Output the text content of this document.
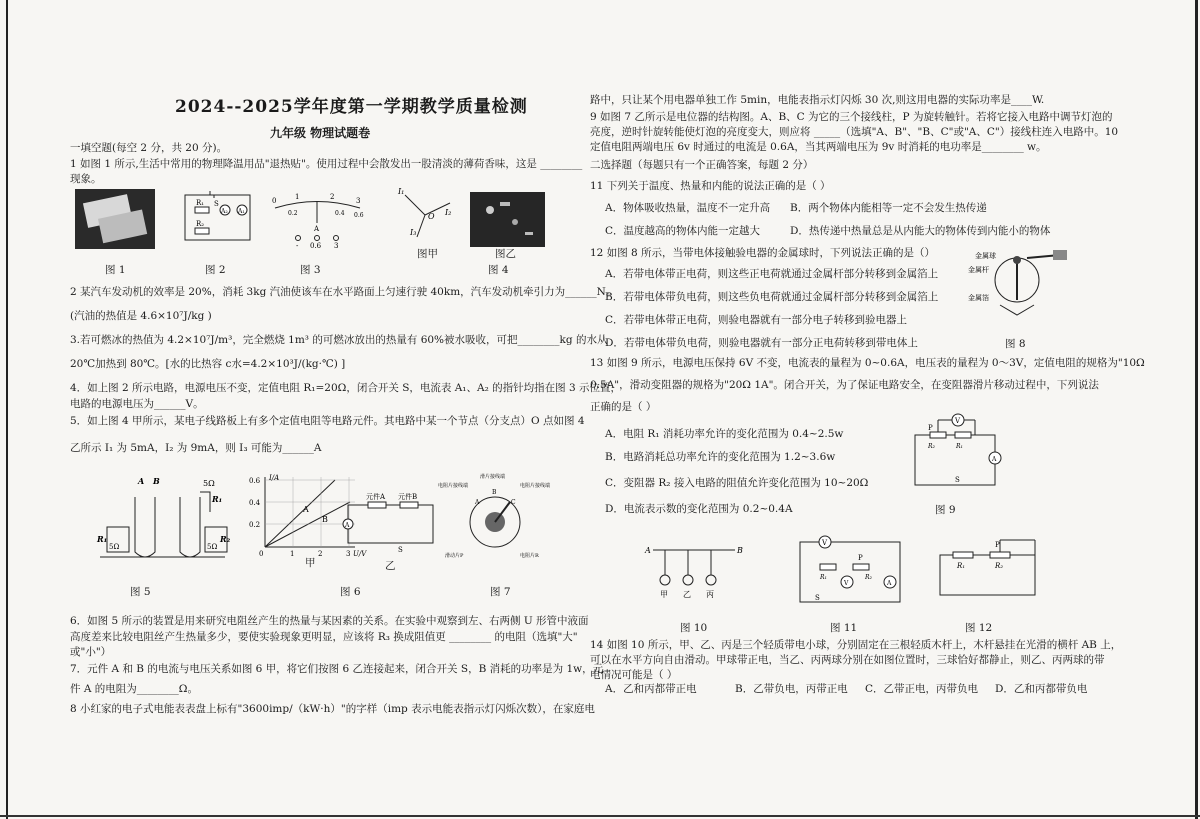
2024--2025学年度第一学期教学质量检测
九年级 物理试题卷
一填空题(每空 2 分，共 20 分)。
1 如图 1 所示,生活中常用的物理降温用品"退热贴"。使用过程中会散发出一股清淡的薄荷香味，这是 ________
现象。
S
R₁
R₂
A₂ A₁
0	1	2	3
0.2	0.4 0.6
A
- 0.6 3
I₁
I₂
I₃
O
图 1	图 2	图 3
图甲	图乙
图 4
2 某汽车发动机的效率是 20%，消耗 3kg 汽油使该车在水平路面上匀速行驶 40km，汽车发动机牵引力为______N。
(汽油的热值是 4.6×10⁷J/kg )
3.若可燃冰的热值为 4.2×10⁷J/m³，完全燃烧 1m³ 的可燃冰放出的热量有 60%被水吸收，可把________kg 的水从
20℃加热到 80℃。[水的比热容 c水=4.2×10³J/(kg·℃) ]
4．如上图 2 所示电路，电源电压不变，定值电阻 R₁=20Ω，闭合开关 S，电流表 A₁、A₂ 的指针均指在图 3 示位置，
电路的电源电压为______V。
5．如上图 4 甲所示，某电子线路板上有多个定值电阻等电路元件。其电路中某一个节点（分支点）O 点如图 4
乙所示 I₁ 为 5mA，I₂ 为 9mA，则 I₃ 可能为______A
A B	5Ω
R₁
R₁
5Ω	5Ω
R₂
I/A
0.6
0.4
0.2
A
B
0	1	2	3 U/V
元件A 元件B
A
S
电阻片接线端
滑片接线端
电阻片接线端
滑动片P	电阻片R
A
B
C
图 5
甲	乙
图 6	图 7
6．如图 5 所示的装置是用来研究电阻丝产生的热量与某因素的关系。在实验中观察到左、右两侧 U 形管中液面
高度差来比较电阻丝产生热量多少，要使实验现象更明显，应该将 R₃ 换成阻值更 ________ 的电阻（选填"大"
或"小"）
7．元件 A 和 B 的电流与电压关系如图 6 甲，将它们按图 6 乙连接起来，闭合开关 S，B 消耗的功率是为 1w，元
件 A 的电阻为________Ω。
8 小红家的电子式电能表表盘上标有"3600imp/（kW·h）"的字样（imp 表示电能表指示灯闪烁次数），在家庭电
路中，只让某个用电器单独工作 5min，电能表指示灯闪烁 30 次,则这用电器的实际功率是____W.
9 如图 7 乙所示是电位器的结构图。A、B、C 为它的三个接线柱，P 为旋转触针。若将它接入电路中调节灯泡的
亮度，逆时针旋转能使灯泡的亮度变大，则应将 _____（选填"A、B"、"B、C"或"A、C"）接线柱连入电路中。10
定值电阻两端电压 6v 时通过的电流是 0.6A，当其两端电压为 9v 时消耗的电功率是________ w。
二选择题（每题只有一个正确答案，每题 2 分）
11 下列关于温度、热量和内能的说法正确的是（ ）
A．物体吸收热量，温度不一定升高 B．两个物体内能相等一定不会发生热传递
C．温度越高的物体内能一定越大	D．热传递中热量总是从内能大的物体传到内能小的物体
12 如图 8 所示，当带电体接触验电器的金属球时，下列说法正确的是（）
A．若带电体带正电荷，则这些正电荷就通过金属杆部分转移到金属箔上
B．若带电体带负电荷，则这些负电荷就通过金属杆部分转移到金属箔上
C．若带电体带正电荷，则验电器就有一部分电子转移到验电器上
D．若带电体带负电荷，则验电器就有一部分正电荷转移到带电体上
金属球
金属杆
金属箔
图 8
13 如图 9 所示，电源电压保持 6V 不变，电流表的量程为 0~0.6A，电压表的量程为 0～3V，定值电阻的规格为"10Ω
0.5A"，滑动变阻器的规格为"20Ω 1A"。闭合开关，为了保证电路安全，在变阻器滑片移动过程中，下列说法
正确的是（ ）
A．电阻 R₁ 消耗功率允许的变化范围为 0.4~2.5w
B．电路消耗总功率允许的变化范围为 1.2~3.6w
C．变阻器 R₂ 接入电路的阻值允许变化范围为 10~20Ω
D．电流表示数的变化范围为 0.2~0.4A
V
P
R₂	R₁
A
S
图 9
A	B
甲 乙 丙
V
P
R₁	R₂
V	A
S
P
R₁	R₂
图 10	图 11	图 12
14 如图 10 所示，甲、乙、丙是三个轻质带电小球，分别固定在三根轻质木杆上，木杆悬挂在光滑的横杆 AB 上，
可以在水平方向自由滑动。甲球带正电，当乙、丙两球分别在如图位置时，三球恰好都静止，则乙、丙两球的带
电情况可能是（ ）
A．乙和丙都带正电	B．乙带负电，丙带正电 C．乙带正电，丙带负电 D．乙和丙都带负电
